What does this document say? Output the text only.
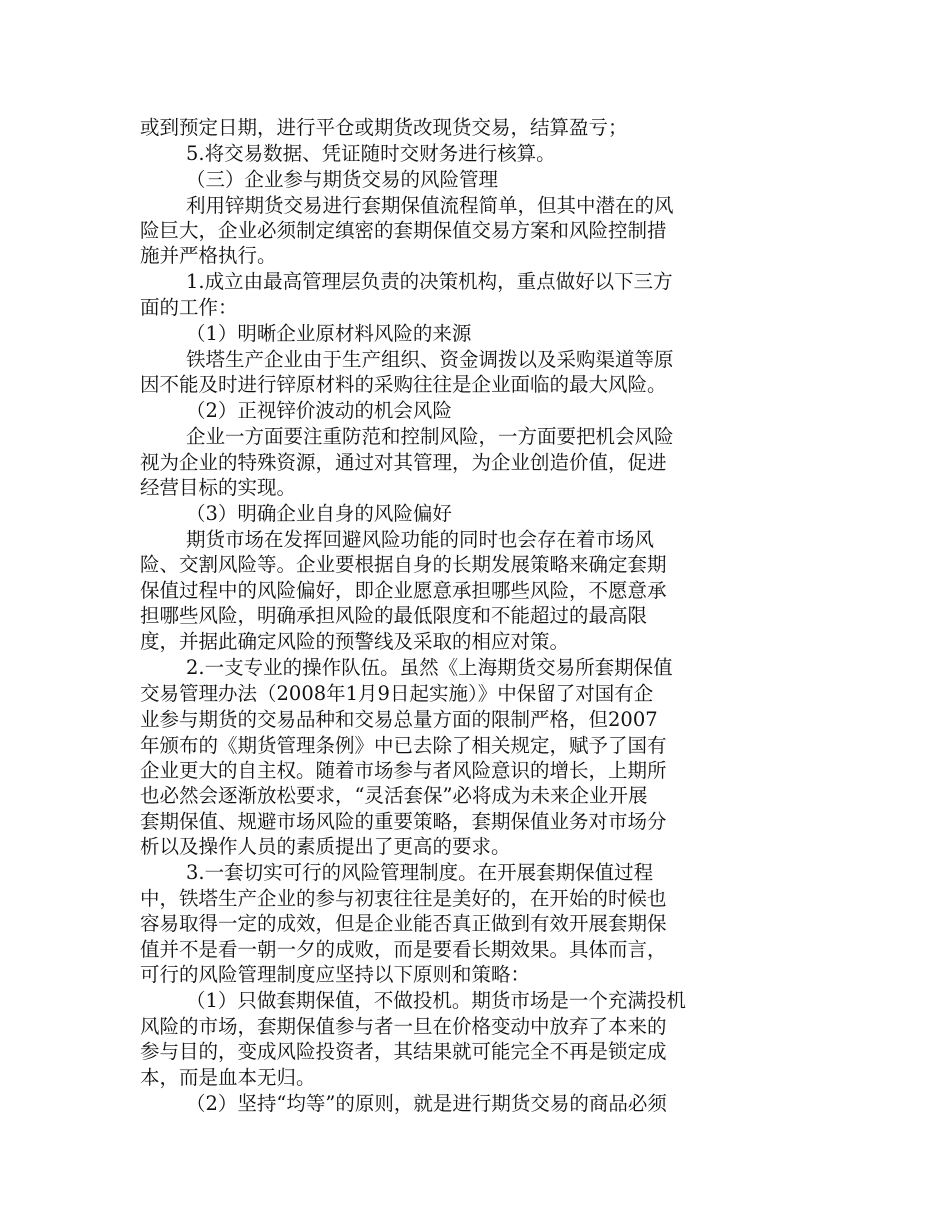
或到预定日期，进行平仓或期货改现货交易，结算盈亏；
5.将交易数据、凭证随时交财务进行核算。
（三）企业参与期货交易的风险管理
利用锌期货交易进行套期保值流程简单，但其中潜在的风
险巨大，企业必须制定缜密的套期保值交易方案和风险控制措
施并严格执行。
1.成立由最高管理层负责的决策机构，重点做好以下三方
面的工作：
（1）明晰企业原材料风险的来源
铁塔生产企业由于生产组织、资金调拨以及采购渠道等原
因不能及时进行锌原材料的采购往往是企业面临的最大风险。
（2）正视锌价波动的机会风险
企业一方面要注重防范和控制风险，一方面要把机会风险
视为企业的特殊资源，通过对其管理，为企业创造价值，促进
经营目标的实现。
（3）明确企业自身的风险偏好
期货市场在发挥回避风险功能的同时也会存在着市场风
险、交割风险等。企业要根据自身的长期发展策略来确定套期
保值过程中的风险偏好，即企业愿意承担哪些风险，不愿意承
担哪些风险，明确承担风险的最低限度和不能超过的最高限
度，并据此确定风险的预警线及采取的相应对策。
2.一支专业的操作队伍。虽然《上海期货交易所套期保值
交易管理办法（2008年1月9日起实施）》中保留了对国有企
业参与期货的交易品种和交易总量方面的限制严格，但2007
年颁布的《期货管理条例》中已去除了相关规定，赋予了国有
企业更大的自主权。随着市场参与者风险意识的增长，上期所
也必然会逐渐放松要求，“灵活套保”必将成为未来企业开展
套期保值、规避市场风险的重要策略，套期保值业务对市场分
析以及操作人员的素质提出了更高的要求。
3.一套切实可行的风险管理制度。在开展套期保值过程
中，铁塔生产企业的参与初衷往往是美好的，在开始的时候也
容易取得一定的成效，但是企业能否真正做到有效开展套期保
值并不是看一朝一夕的成败，而是要看长期效果。具体而言，
可行的风险管理制度应坚持以下原则和策略：
（1）只做套期保值，不做投机。期货市场是一个充满投机
风险的市场，套期保值参与者一旦在价格变动中放弃了本来的
参与目的，变成风险投资者，其结果就可能完全不再是锁定成
本，而是血本无归。
（2）坚持“均等”的原则，就是进行期货交易的商品必须
